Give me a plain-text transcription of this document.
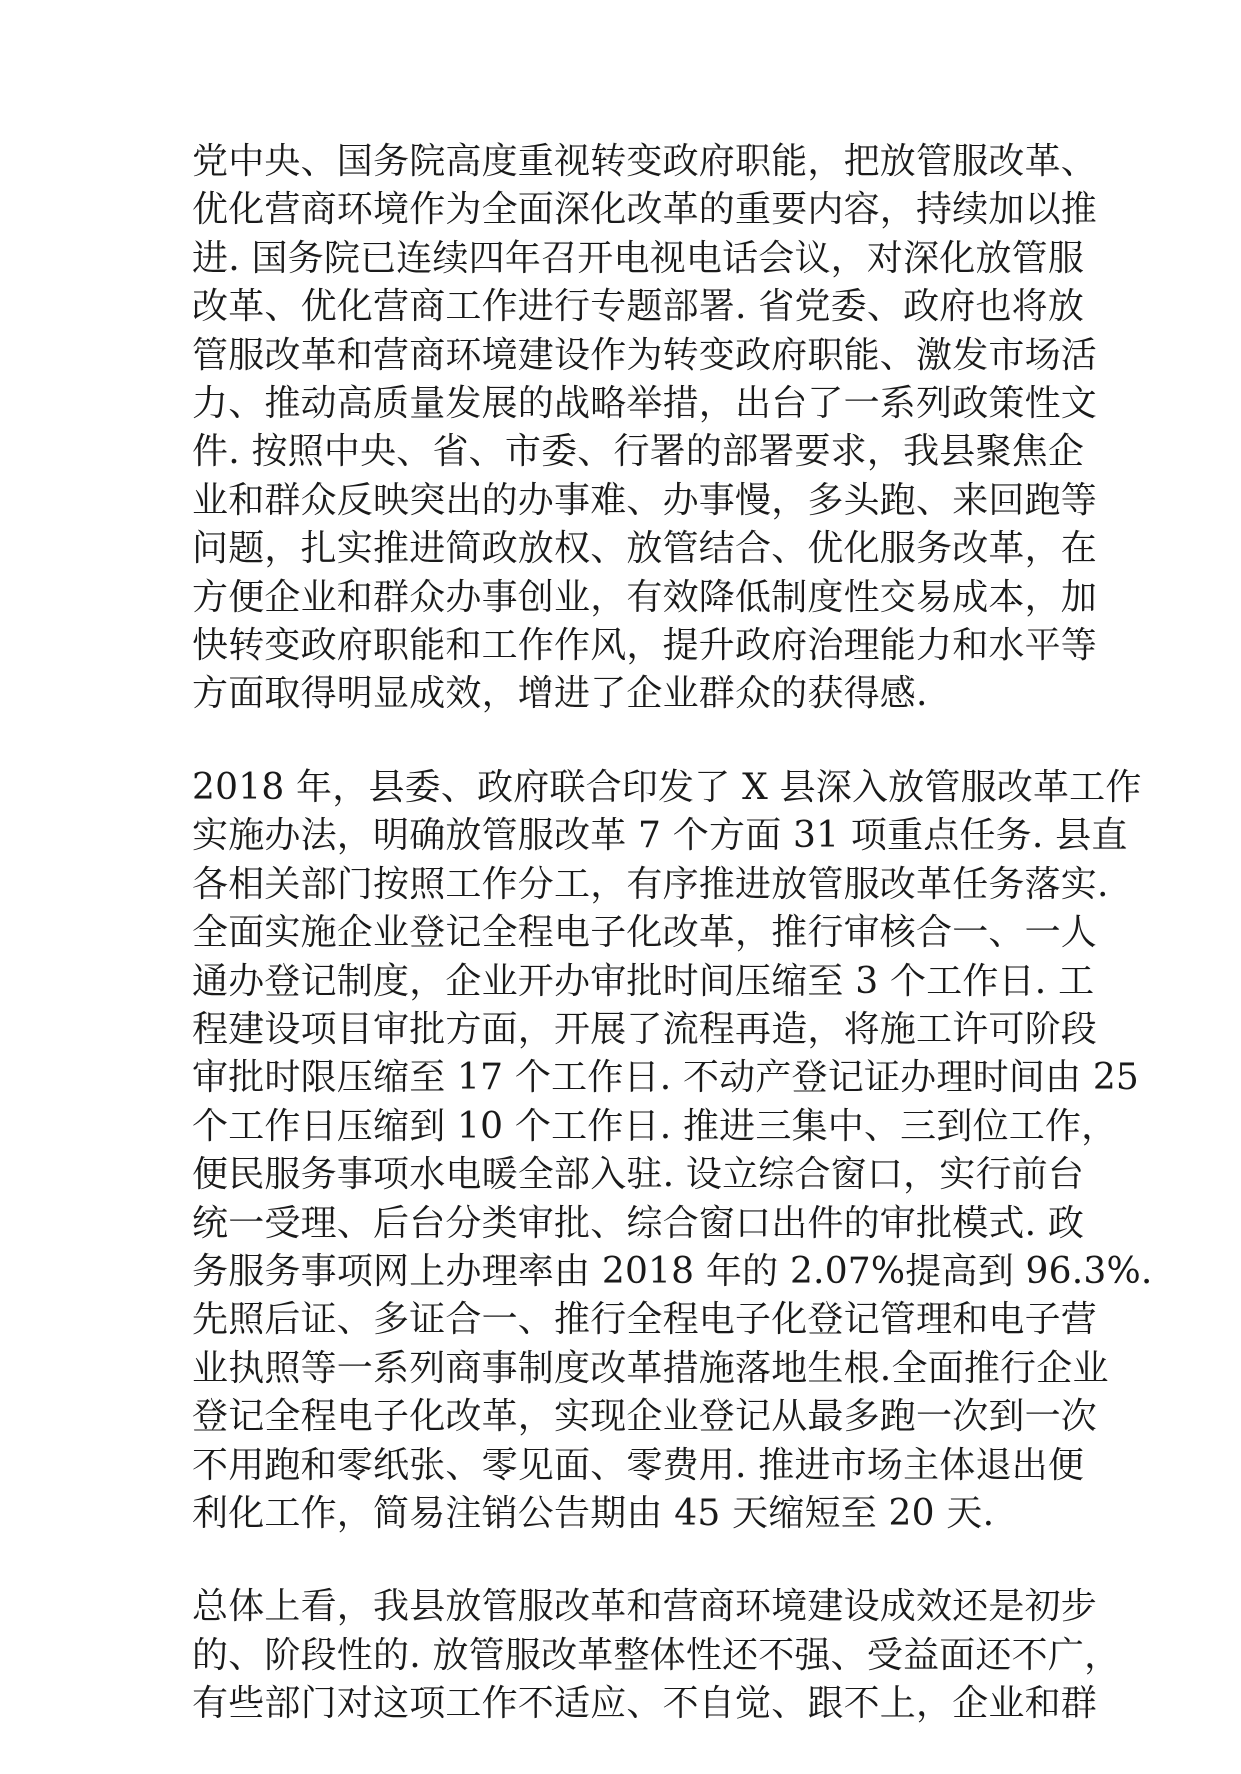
党中央、国务院高度重视转变政府职能，把放管服改革、
优化营商环境作为全面深化改革的重要内容，持续加以推
进. 国务院已连续四年召开电视电话会议，对深化放管服
改革、优化营商工作进行专题部署. 省党委、政府也将放
管服改革和营商环境建设作为转变政府职能、激发市场活
力、推动高质量发展的战略举措，出台了一系列政策性文
件. 按照中央、省、市委、行署的部署要求，我县聚焦企
业和群众反映突出的办事难、办事慢，多头跑、来回跑等
问题，扎实推进简政放权、放管结合、优化服务改革，在
方便企业和群众办事创业，有效降低制度性交易成本，加
快转变政府职能和工作作风，提升政府治理能力和水平等
方面取得明显成效，增进了企业群众的获得感.

2018 年，县委、政府联合印发了 X 县深入放管服改革工作
实施办法，明确放管服改革 7 个方面 31 项重点任务. 县直
各相关部门按照工作分工，有序推进放管服改革任务落实.
全面实施企业登记全程电子化改革，推行审核合一、一人
通办登记制度，企业开办审批时间压缩至 3 个工作日. 工
程建设项目审批方面，开展了流程再造，将施工许可阶段
审批时限压缩至 17 个工作日. 不动产登记证办理时间由 25
个工作日压缩到 10 个工作日. 推进三集中、三到位工作，
便民服务事项水电暖全部入驻. 设立综合窗口，实行前台
统一受理、后台分类审批、综合窗口出件的审批模式. 政
务服务事项网上办理率由 2018 年的 2.07%提高到 96.3%.
先照后证、多证合一、推行全程电子化登记管理和电子营
业执照等一系列商事制度改革措施落地生根.全面推行企业
登记全程电子化改革，实现企业登记从最多跑一次到一次
不用跑和零纸张、零见面、零费用. 推进市场主体退出便
利化工作，简易注销公告期由 45 天缩短至 20 天.

总体上看，我县放管服改革和营商环境建设成效还是初步
的、阶段性的. 放管服改革整体性还不强、受益面还不广，
有些部门对这项工作不适应、不自觉、跟不上，企业和群
